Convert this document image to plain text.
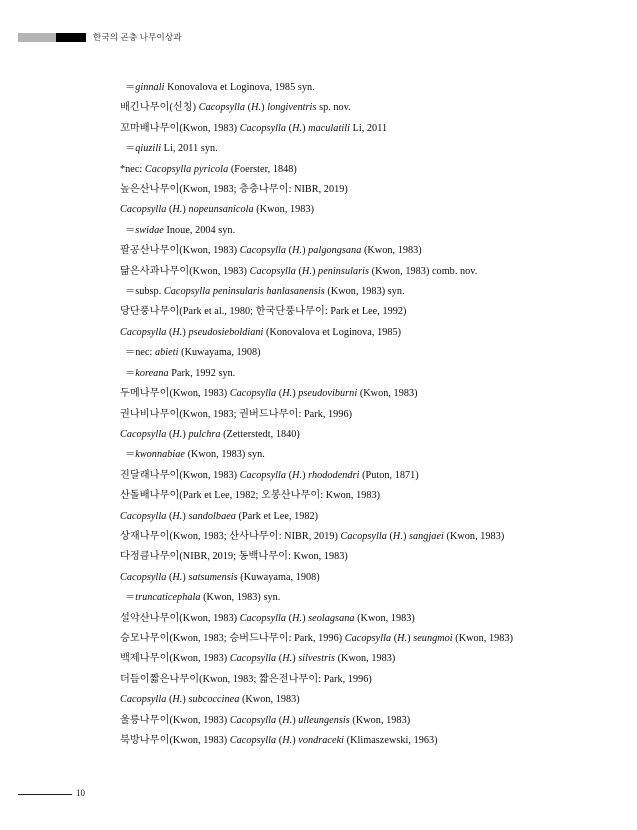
한국의 곤충 나무이상과
＝ginnali Konovalova et Loginova, 1985 syn.
배긴나무이(신칭) Cacopsylla (H.) longiventris sp. nov.
꼬마배나무이(Kwon, 1983) Cacopsylla (H.) maculatili Li, 2011
＝qiuzili Li, 2011 syn.
*nec: Cacopsylla pyricola (Foerster, 1848)
높은산나무이(Kwon, 1983; 층층나무이: NIBR, 2019)
Cacopsylla (H.) nopeunsanicola (Kwon, 1983)
＝swidae Inoue, 2004 syn.
팔공산나무이(Kwon, 1983) Cacopsylla (H.) palgongsana (Kwon, 1983)
닮은사과나무이(Kwon, 1983) Cacopsylla (H.) peninsularis (Kwon, 1983) comb. nov.
＝subsp. Cacopsylla peninsularis hanlasanensis (Kwon, 1983) syn.
당단풍나무이(Park et al., 1980; 한국단풍나무이: Park et Lee, 1992)
Cacopsylla (H.) pseudosieboldiani (Konovalova et Loginova, 1985)
＝nec: abieti (Kuwayama, 1908)
＝koreana Park, 1992 syn.
두메나무이(Kwon, 1983) Cacopsylla (H.) pseudoviburni (Kwon, 1983)
권나비나무이(Kwon, 1983; 권버드나무이: Park, 1996)
Cacopsylla (H.) pulchra (Zetterstedt, 1840)
＝kwonnabiae (Kwon, 1983) syn.
진달래나무이(Kwon, 1983) Cacopsylla (H.) rhododendri (Puton, 1871)
산돌배나무이(Park et Lee, 1982; 오봉산나무이: Kwon, 1983)
Cacopsylla (H.) sandolbaea (Park et Lee, 1982)
상재나무이(Kwon, 1983; 산사나무이: NIBR, 2019) Cacopsylla (H.) sangjaei (Kwon, 1983)
다정큼나무이(NIBR, 2019; 동백나무이: Kwon, 1983)
Cacopsylla (H.) satsumensis (Kuwayama, 1908)
＝truncaticephala (Kwon, 1983) syn.
설악산나무이(Kwon, 1983) Cacopsylla (H.) seolagsana (Kwon, 1983)
승모나무이(Kwon, 1983; 승버드나무이: Park, 1996) Cacopsylla (H.) seungmoi (Kwon, 1983)
백제나무이(Kwon, 1983) Cacopsylla (H.) silvestris (Kwon, 1983)
더듬이짧은나무이(Kwon, 1983; 짧은전나무이: Park, 1996)
Cacopsylla (H.) subcoccinea (Kwon, 1983)
울릉나무이(Kwon, 1983) Cacopsylla (H.) ulleungensis (Kwon, 1983)
북방나무이(Kwon, 1983) Cacopsylla (H.) vondraceki (Klimaszewski, 1963)
10
